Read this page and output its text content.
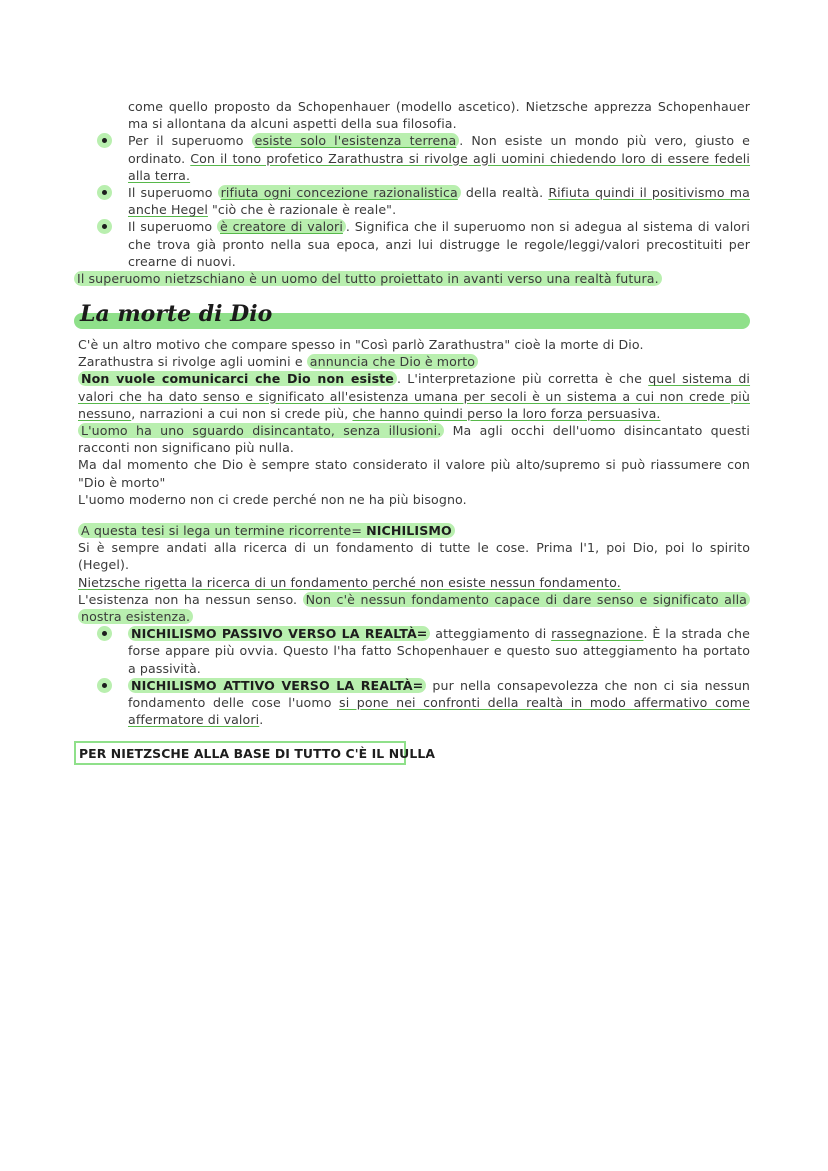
come quello proposto da Schopenhauer (modello ascetico). Nietzsche apprezza Schopenhauer ma si allontana da alcuni aspetti della sua filosofia.
Per il superuomo esiste solo l'esistenza terrena . Non esiste un mondo più vero, giusto e ordinato. Con il tono profetico Zarathustra si rivolge agli uomini chiedendo loro di essere fedeli alla terra.
Il superuomo rifiuta ogni concezione razionalistica della realtà. Rifiuta quindi il positivismo ma anche Hegel "ciò che è razionale è reale".
Il superuomo è creatore di valori . Significa che il superuomo non si adegua al sistema di valori che trova già pronto nella sua epoca, anzi lui distrugge le regole/leggi/valori precostituiti per crearne di nuovi.
Il superuomo nietzschiano è un uomo del tutto proiettato in avanti verso una realtà futura.
La morte di Dio
C'è un altro motivo che compare spesso in "Così parlò Zarathustra" cioè la morte di Dio.
Zarathustra si rivolge agli uomini e annuncia che Dio è morto
Non vuole comunicarci che Dio non esiste . L'interpretazione più corretta è che quel sistema di valori che ha dato senso e significato all'esistenza umana per secoli è un sistema a cui non crede più nessuno, narrazioni a cui non si crede più, che hanno quindi perso la loro forza persuasiva.
L'uomo ha uno sguardo disincantato, senza illusioni. Ma agli occhi dell'uomo disincantato questi racconti non significano più nulla.
Ma dal momento che Dio è sempre stato considerato il valore più alto/supremo si può riassumere con "Dio è morto"
L'uomo moderno non ci crede perché non ne ha più bisogno.
A questa tesi si lega un termine ricorrente= NICHILISMO
Si è sempre andati alla ricerca di un fondamento di tutte le cose. Prima l'1, poi Dio, poi lo spirito (Hegel).
Nietzsche rigetta la ricerca di un fondamento perché non esiste nessun fondamento.
L'esistenza non ha nessun senso. Non c'è nessun fondamento capace di dare senso e significato alla nostra esistenza.
NICHILISMO PASSIVO VERSO LA REALTÀ= atteggiamento di rassegnazione. È la strada che forse appare più ovvia. Questo l'ha fatto Schopenhauer e questo suo atteggiamento ha portato a passività.
NICHILISMO ATTIVO VERSO LA REALTÀ= pur nella consapevolezza che non ci sia nessun fondamento delle cose l'uomo si pone nei confronti della realtà in modo affermativo come affermatore di valori.
PER NIETZSCHE ALLA BASE DI TUTTO C'È IL NULLA
